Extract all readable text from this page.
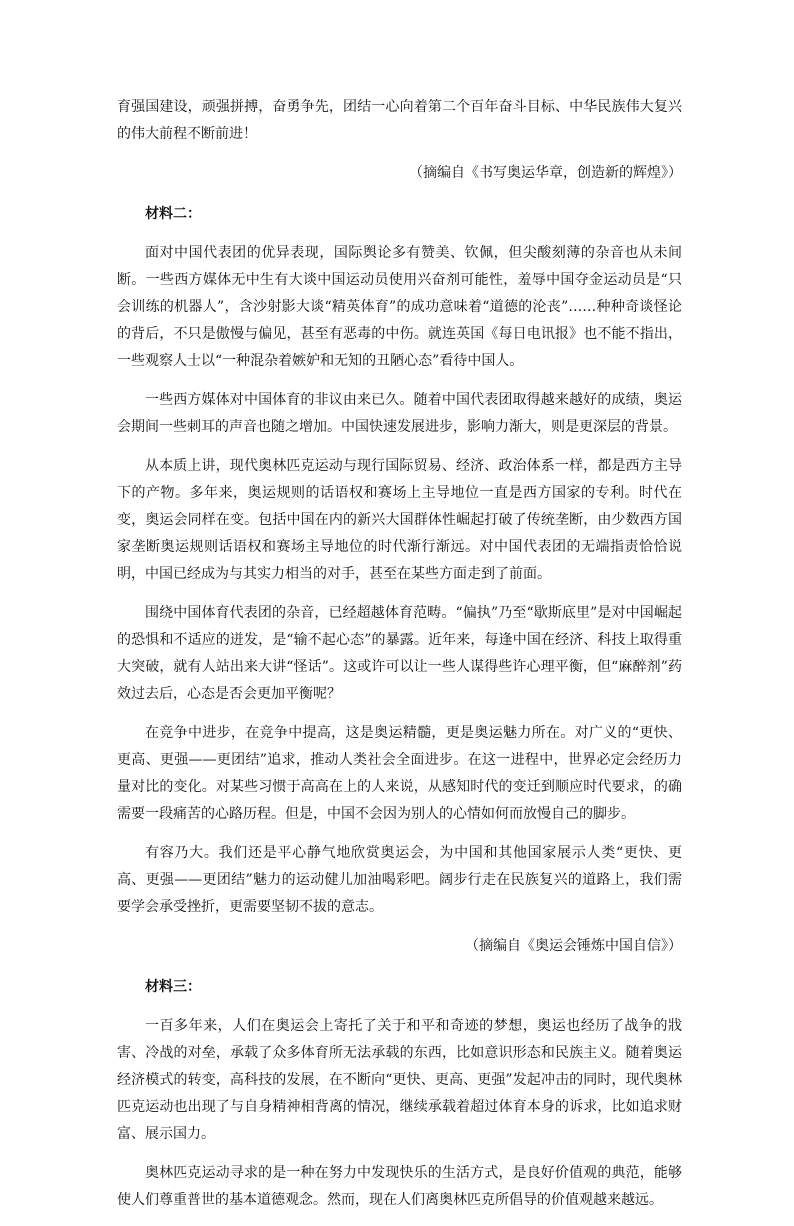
育强国建设，顽强拼搏，奋勇争先，团结一心向着第二个百年奋斗目标、中华民族伟大复兴的伟大前程不断前进！

（摘编自《书写奥运华章，创造新的辉煌》）

材料二：

面对中国代表团的优异表现，国际舆论多有赞美、钦佩，但尖酸刻薄的杂音也从未间断。一些西方媒体无中生有大谈中国运动员使用兴奋剂可能性，羞辱中国夺金运动员是“只会训练的机器人”，含沙射影大谈“精英体育”的成功意味着“道德的沦丧”……种种奇谈怪论的背后，不只是傲慢与偏见，甚至有恶毒的中伤。就连英国《每日电讯报》也不能不指出，一些观察人士以“一种混杂着嫉妒和无知的丑陋心态”看待中国人。

一些西方媒体对中国体育的非议由来已久。随着中国代表团取得越来越好的成绩，奥运会期间一些刺耳的声音也随之增加。中国快速发展进步，影响力渐大，则是更深层的背景。

从本质上讲，现代奥林匹克运动与现行国际贸易、经济、政治体系一样，都是西方主导下的产物。多年来，奥运规则的话语权和赛场上主导地位一直是西方国家的专利。时代在变，奥运会同样在变。包括中国在内的新兴大国群体性崛起打破了传统垄断，由少数西方国家垄断奥运规则话语权和赛场主导地位的时代渐行渐远。对中国代表团的无端指责恰恰说明，中国已经成为与其实力相当的对手，甚至在某些方面走到了前面。

围绕中国体育代表团的杂音，已经超越体育范畴。“偏执”乃至“歇斯底里”是对中国崛起的恐惧和不适应的迸发，是“输不起心态”的暴露。近年来，每逢中国在经济、科技上取得重大突破，就有人站出来大讲“怪话”。这或许可以让一些人谋得些许心理平衡，但“麻醉剂”药效过去后，心态是否会更加平衡呢？

在竞争中进步，在竞争中提高，这是奥运精髓，更是奥运魅力所在。对广义的“更快、更高、更强——更团结”追求，推动人类社会全面进步。在这一进程中，世界必定会经历力量对比的变化。对某些习惯于高高在上的人来说，从感知时代的变迁到顺应时代要求，的确需要一段痛苦的心路历程。但是，中国不会因为别人的心情如何而放慢自己的脚步。

有容乃大。我们还是平心静气地欣赏奥运会，为中国和其他国家展示人类“更快、更高、更强——更团结”魅力的运动健儿加油喝彩吧。阔步行走在民族复兴的道路上，我们需要学会承受挫折，更需要坚韧不拔的意志。

（摘编自《奥运会锤炼中国自信》）

材料三：

一百多年来，人们在奥运会上寄托了关于和平和奇迹的梦想，奥运也经历了战争的戕害、冷战的对垒，承载了众多体育所无法承载的东西，比如意识形态和民族主义。随着奥运经济模式的转变，高科技的发展，在不断向“更快、更高、更强”发起冲击的同时，现代奥林匹克运动也出现了与自身精神相背离的情况，继续承载着超过体育本身的诉求，比如追求财富、展示国力。

奥林匹克运动寻求的是一种在努力中发现快乐的生活方式，是良好价值观的典范，能够使人们尊重普世的基本道德观念。然而，现在人们离奥林匹克所倡导的价值观越来越远。
